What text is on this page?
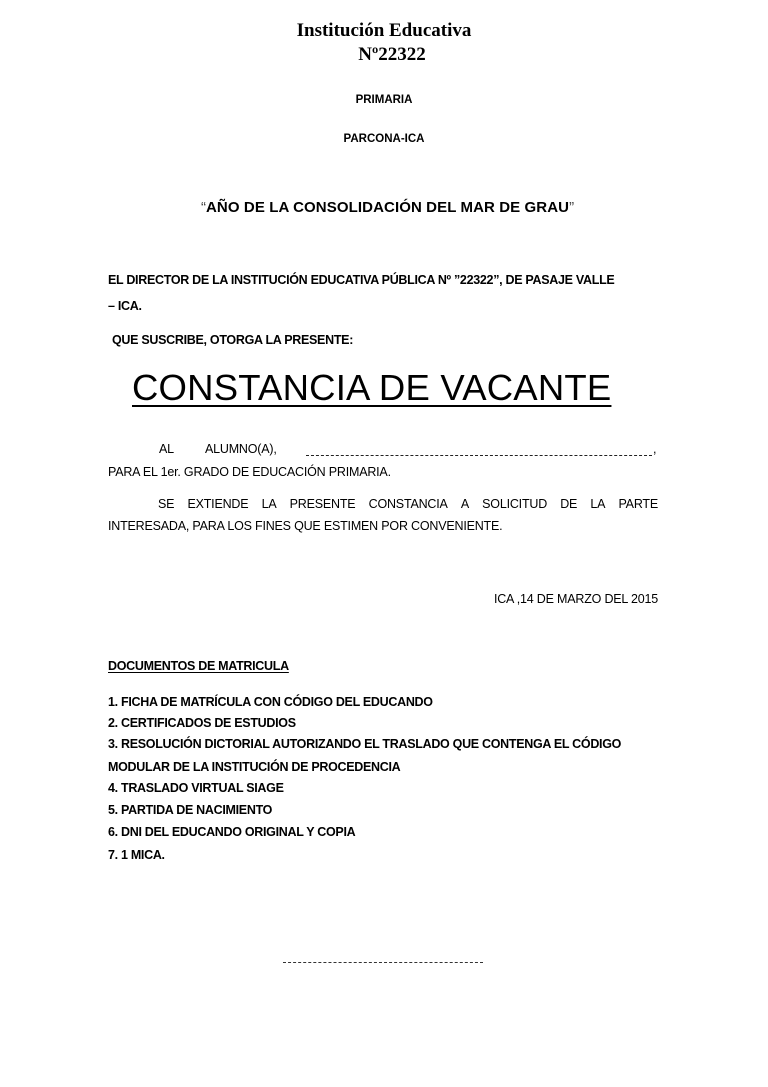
Institución Educativa
Nº22322
PRIMARIA
PARCONA-ICA
“AÑO DE LA CONSOLIDACIÓN DEL MAR DE GRAU”
EL DIRECTOR DE LA INSTITUCIÓN EDUCATIVA PÚBLICA Nº ”22322”, DE PASAJE VALLE
– ICA.
QUE SUSCRIBE, OTORGA LA PRESENTE:
CONSTANCIA DE VACANTE
AL ALUMNO(A),	,
PARA EL 1er. GRADO DE EDUCACIÓN PRIMARIA.
SE EXTIENDE LA PRESENTE CONSTANCIA A SOLICITUD DE LA PARTE
INTERESADA, PARA LOS FINES QUE ESTIMEN POR CONVENIENTE.
ICA ,14 DE MARZO DEL 2015
DOCUMENTOS DE MATRICULA
1. FICHA DE MATRÍCULA CON CÓDIGO DEL EDUCANDO
2. CERTIFICADOS DE ESTUDIOS
3. RESOLUCIÓN DICTORIAL AUTORIZANDO EL TRASLADO QUE CONTENGA EL CÓDIGO
MODULAR DE LA INSTITUCIÓN DE PROCEDENCIA
4. TRASLADO VIRTUAL SIAGE
5. PARTIDA DE NACIMIENTO
6. DNI DEL EDUCANDO ORIGINAL Y COPIA
7. 1 MICA.
